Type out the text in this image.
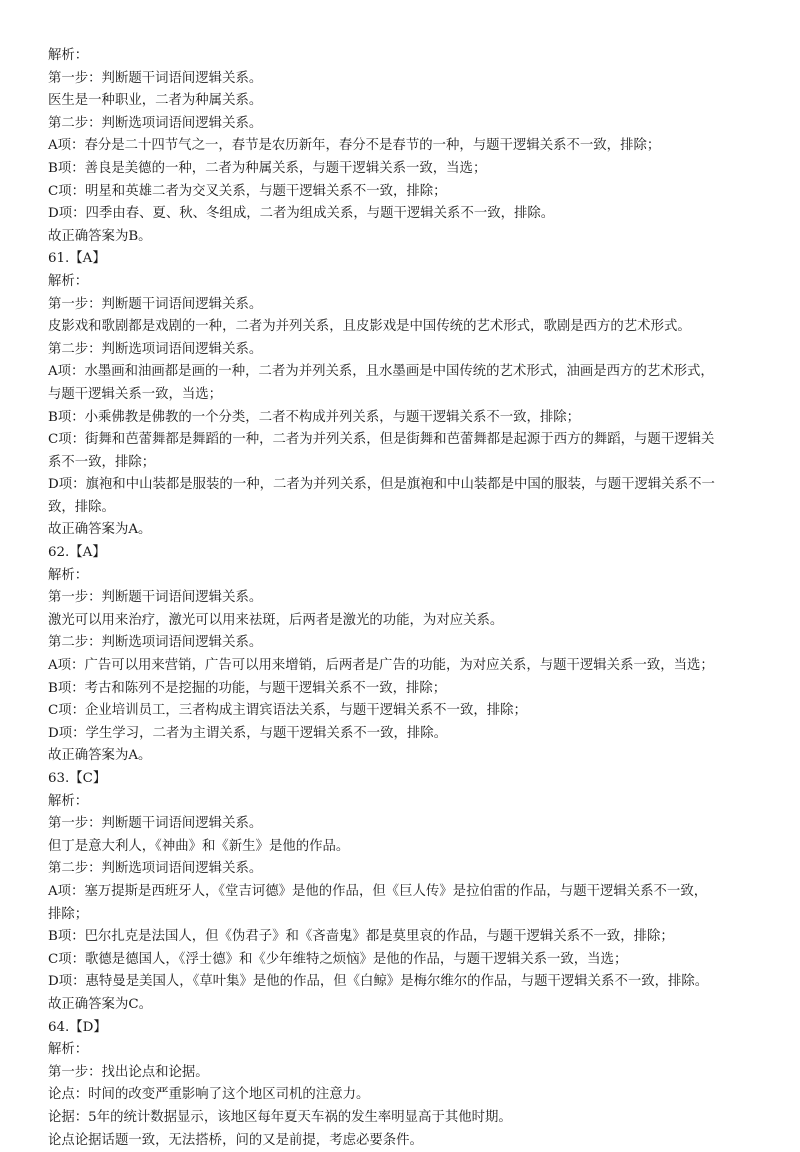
解析：
第一步：判断题干词语间逻辑关系。
医生是一种职业，二者为种属关系。
第二步：判断选项词语间逻辑关系。
A项：春分是二十四节气之一，春节是农历新年，春分不是春节的一种，与题干逻辑关系不一致，排除；
B项：善良是美德的一种，二者为种属关系，与题干逻辑关系一致，当选；
C项：明星和英雄二者为交叉关系，与题干逻辑关系不一致，排除；
D项：四季由春、夏、秋、冬组成，二者为组成关系，与题干逻辑关系不一致，排除。
故正确答案为B。
61.【A】
解析：
第一步：判断题干词语间逻辑关系。
皮影戏和歌剧都是戏剧的一种，二者为并列关系，且皮影戏是中国传统的艺术形式，歌剧是西方的艺术形式。
第二步：判断选项词语间逻辑关系。
A项：水墨画和油画都是画的一种，二者为并列关系，且水墨画是中国传统的艺术形式，油画是西方的艺术形式，
与题干逻辑关系一致，当选；
B项：小乘佛教是佛教的一个分类，二者不构成并列关系，与题干逻辑关系不一致，排除；
C项：街舞和芭蕾舞都是舞蹈的一种，二者为并列关系，但是街舞和芭蕾舞都是起源于西方的舞蹈，与题干逻辑关
系不一致，排除；
D项：旗袍和中山装都是服装的一种，二者为并列关系，但是旗袍和中山装都是中国的服装，与题干逻辑关系不一
致，排除。
故正确答案为A。
62.【A】
解析：
第一步：判断题干词语间逻辑关系。
激光可以用来治疗，激光可以用来祛斑，后两者是激光的功能，为对应关系。
第二步：判断选项词语间逻辑关系。
A项：广告可以用来营销，广告可以用来增销，后两者是广告的功能，为对应关系，与题干逻辑关系一致，当选；
B项：考古和陈列不是挖掘的功能，与题干逻辑关系不一致，排除；
C项：企业培训员工，三者构成主谓宾语法关系，与题干逻辑关系不一致，排除；
D项：学生学习，二者为主谓关系，与题干逻辑关系不一致，排除。
故正确答案为A。
63.【C】
解析：
第一步：判断题干词语间逻辑关系。
但丁是意大利人，《神曲》和《新生》是他的作品。
第二步：判断选项词语间逻辑关系。
A项：塞万提斯是西班牙人，《堂吉诃德》是他的作品，但《巨人传》是拉伯雷的作品，与题干逻辑关系不一致，
排除；
B项：巴尔扎克是法国人，但《伪君子》和《吝啬鬼》都是莫里哀的作品，与题干逻辑关系不一致，排除；
C项：歌德是德国人，《浮士德》和《少年维特之烦恼》是他的作品，与题干逻辑关系一致，当选；
D项：惠特曼是美国人，《草叶集》是他的作品，但《白鲸》是梅尔维尔的作品，与题干逻辑关系不一致，排除。
故正确答案为C。
64.【D】
解析：
第一步：找出论点和论据。
论点：时间的改变严重影响了这个地区司机的注意力。
论据：5年的统计数据显示，该地区每年夏天车祸的发生率明显高于其他时期。
论点论据话题一致，无法搭桥，问的又是前提，考虑必要条件。
